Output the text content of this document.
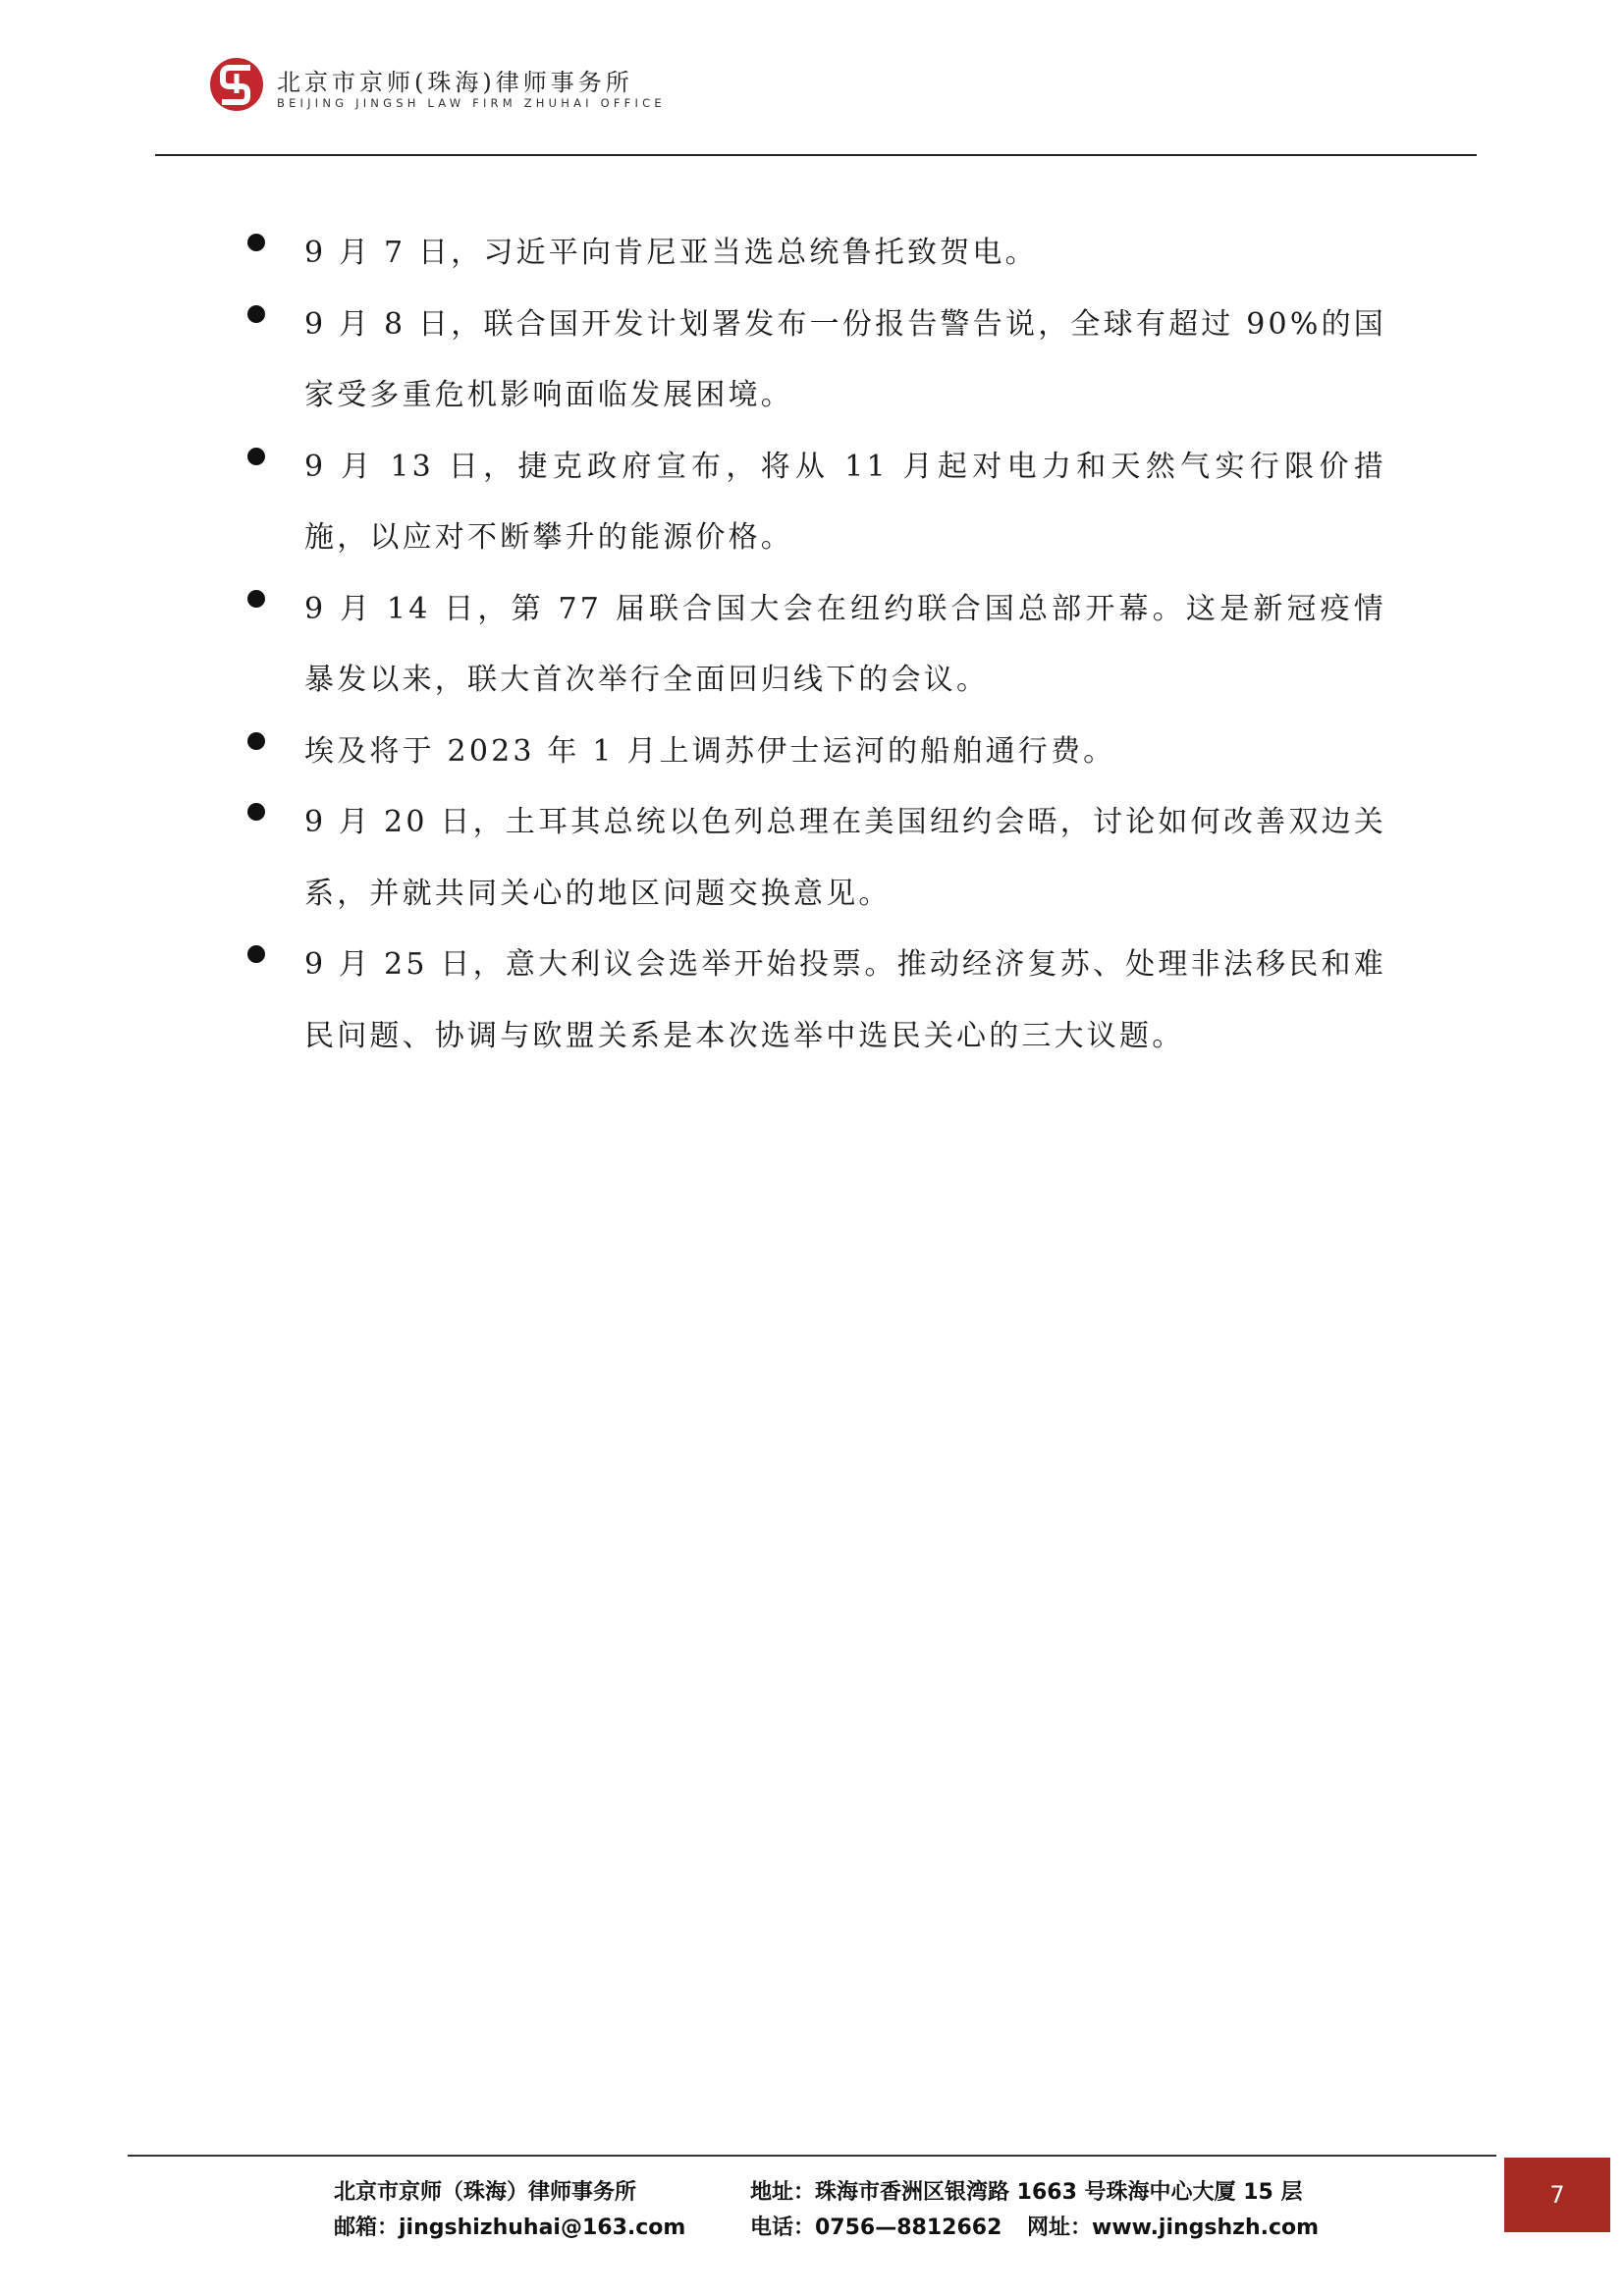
北京市京师(珠海)律师事务所
BEIJING JINGSH LAW FIRM ZHUHAI OFFICE
9 月 7 日，习近平向肯尼亚当选总统鲁托致贺电。
9 月 8 日，联合国开发计划署发布一份报告警告说，全球有超过 90%的国家受多重危机影响面临发展困境。
9 月 13 日，捷克政府宣布，将从 11 月起对电力和天然气实行限价措施，以应对不断攀升的能源价格。
9 月 14 日，第 77 届联合国大会在纽约联合国总部开幕。这是新冠疫情暴发以来，联大首次举行全面回归线下的会议。
埃及将于 2023 年 1 月上调苏伊士运河的船舶通行费。
9 月 20 日，土耳其总统以色列总理在美国纽约会晤，讨论如何改善双边关系，并就共同关心的地区问题交换意见。
9 月 25 日，意大利议会选举开始投票。推动经济复苏、处理非法移民和难民问题、协调与欧盟关系是本次选举中选民关心的三大议题。
北京市京师（珠海）律师事务所	地址：珠海市香洲区银湾路 1663 号珠海中心大厦 15 层
邮箱：jingshizhuhai@163.com	电话：0756—8812662 网址：www.jingshzh.com
7
